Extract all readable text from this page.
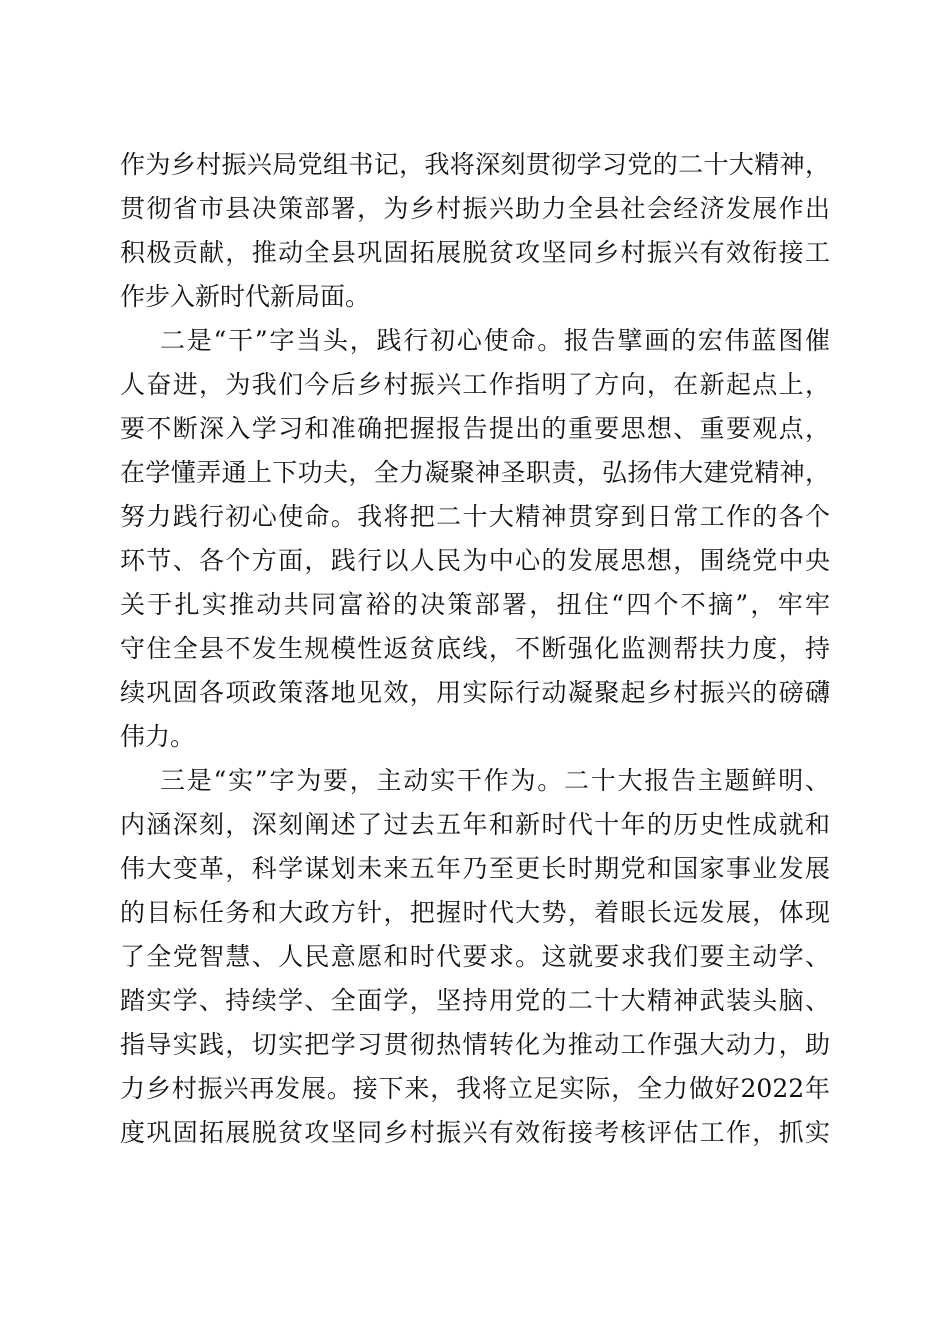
作为乡村振兴局党组书记，我将深刻贯彻学习党的二十大精神，
贯彻省市县决策部署，为乡村振兴助力全县社会经济发展作出
积极贡献，推动全县巩固拓展脱贫攻坚同乡村振兴有效衔接工
作步入新时代新局面。
二是“干”字当头，践行初心使命。报告擘画的宏伟蓝图催
人奋进，为我们今后乡村振兴工作指明了方向，在新起点上，
要不断深入学习和准确把握报告提出的重要思想、重要观点，
在学懂弄通上下功夫，全力凝聚神圣职责，弘扬伟大建党精神，
努力践行初心使命。我将把二十大精神贯穿到日常工作的各个
环节、各个方面，践行以人民为中心的发展思想，围绕党中央
关于扎实推动共同富裕的决策部署，扭住“四个不摘”，牢牢
守住全县不发生规模性返贫底线，不断强化监测帮扶力度，持
续巩固各项政策落地见效，用实际行动凝聚起乡村振兴的磅礴
伟力。
三是“实”字为要，主动实干作为。二十大报告主题鲜明、
内涵深刻，深刻阐述了过去五年和新时代十年的历史性成就和
伟大变革，科学谋划未来五年乃至更长时期党和国家事业发展
的目标任务和大政方针，把握时代大势，着眼长远发展，体现
了全党智慧、人民意愿和时代要求。这就要求我们要主动学、
踏实学、持续学、全面学，坚持用党的二十大精神武装头脑、
指导实践，切实把学习贯彻热情转化为推动工作强大动力，助
力乡村振兴再发展。接下来，我将立足实际，全力做好2022年
度巩固拓展脱贫攻坚同乡村振兴有效衔接考核评估工作，抓实
